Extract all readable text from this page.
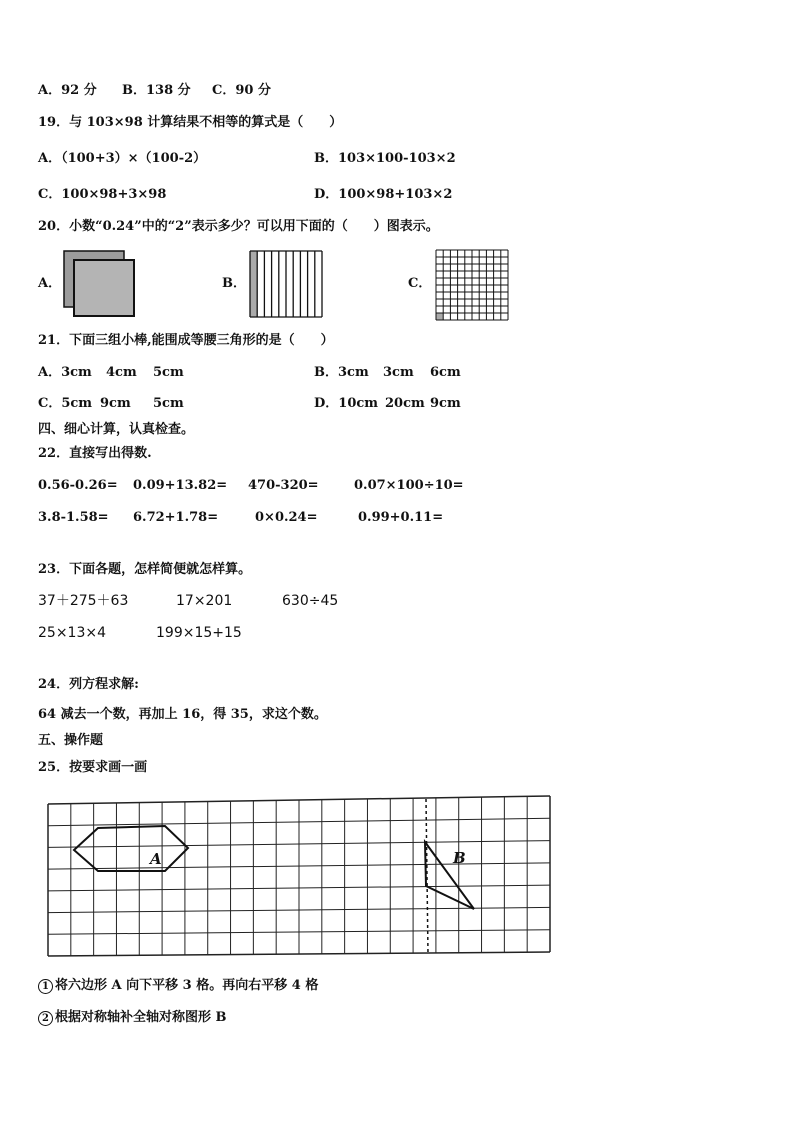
A．92 分 B．138 分 C．90 分
19．与 103×98 计算结果不相等的算式是（　　）
A．（100+3）×（100-2）	B．103×100-103×2
C．100×98+3×98	D．100×98+103×2
20．小数“0.24”中的“2”表示多少？可以用下面的（　　）图表示。
A．	B．	C．
21．下面三组小棒,能围成等腰三角形的是（　　）
A．3cm 4cm 5cm	B．3cm 3cm 6cm
C．5cm 9cm 5cm	D．10cm 20cm 9cm
四、细心计算，认真检查。
22．直接写出得数.
0.56-0.26= 0.09+13.82= 470-320=	0.07×100÷10=
3.8-1.58= 6.72+1.78=	0×0.24=	0.99+0.11=
23．下面各题，怎样简便就怎样算。
37＋275＋63	17×201	630÷45
25×13×4	199×15+15
24．列方程求解:
64 减去一个数，再加上 16，得 35，求这个数。
五、操作题
25．按要求画一画
A	B
1 将六边形 A 向下平移 3 格。再向右平移 4 格
2 根据对称轴补全轴对称图形 B
